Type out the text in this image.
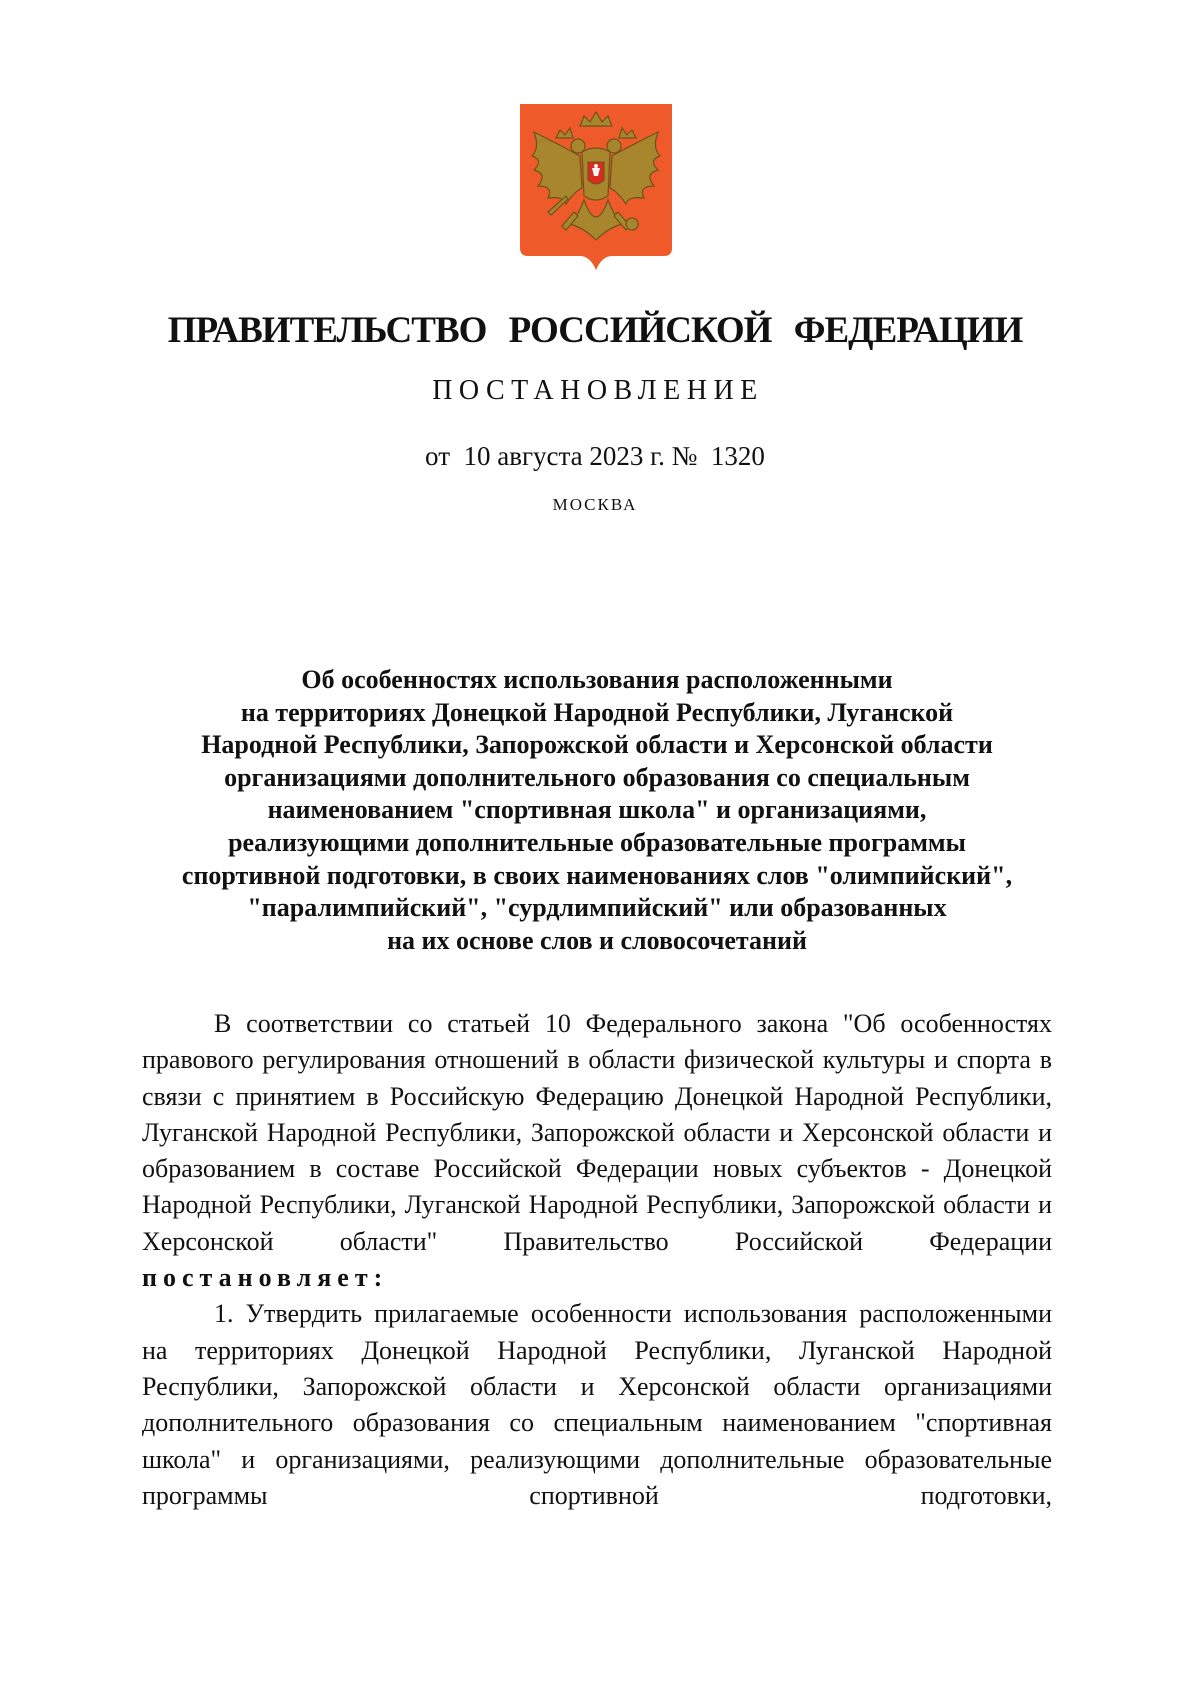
ПРАВИТЕЛЬСТВО РОССИЙСКОЙ ФЕДЕРАЦИИ
ПОСТАНОВЛЕНИЕ
от  10 августа 2023 г. №  1320
МОСКВА
Об особенностях использования расположенными
на территориях Донецкой Народной Республики, Луганской
Народной Республики, Запорожской области и Херсонской области
организациями дополнительного образования со специальным
наименованием "спортивная школа" и организациями,
реализующими дополнительные образовательные программы
спортивной подготовки, в своих наименованиях слов "олимпийский",
"паралимпийский", "сурдлимпийский" или образованных
на их основе слов и словосочетаний

В соответствии со статьей 10 Федерального закона "Об особенностях правового регулирования отношений в области физической культуры и спорта в связи с принятием в Российскую Федерацию Донецкой Народной Республики, Луганской Народной Республики, Запорожской области и Херсонской области и образованием в составе Российской Федерации новых субъектов - Донецкой Народной Республики, Луганской Народной Республики, Запорожской области и Херсонской области" Правительство Российской Федерации постановляет:

1. Утвердить прилагаемые особенности использования расположенными на территориях Донецкой Народной Республики, Луганской Народной Республики, Запорожской области и Херсонской области организациями дополнительного образования со специальным наименованием "спортивная школа" и организациями, реализующими дополнительные образовательные программы спортивной подготовки,
